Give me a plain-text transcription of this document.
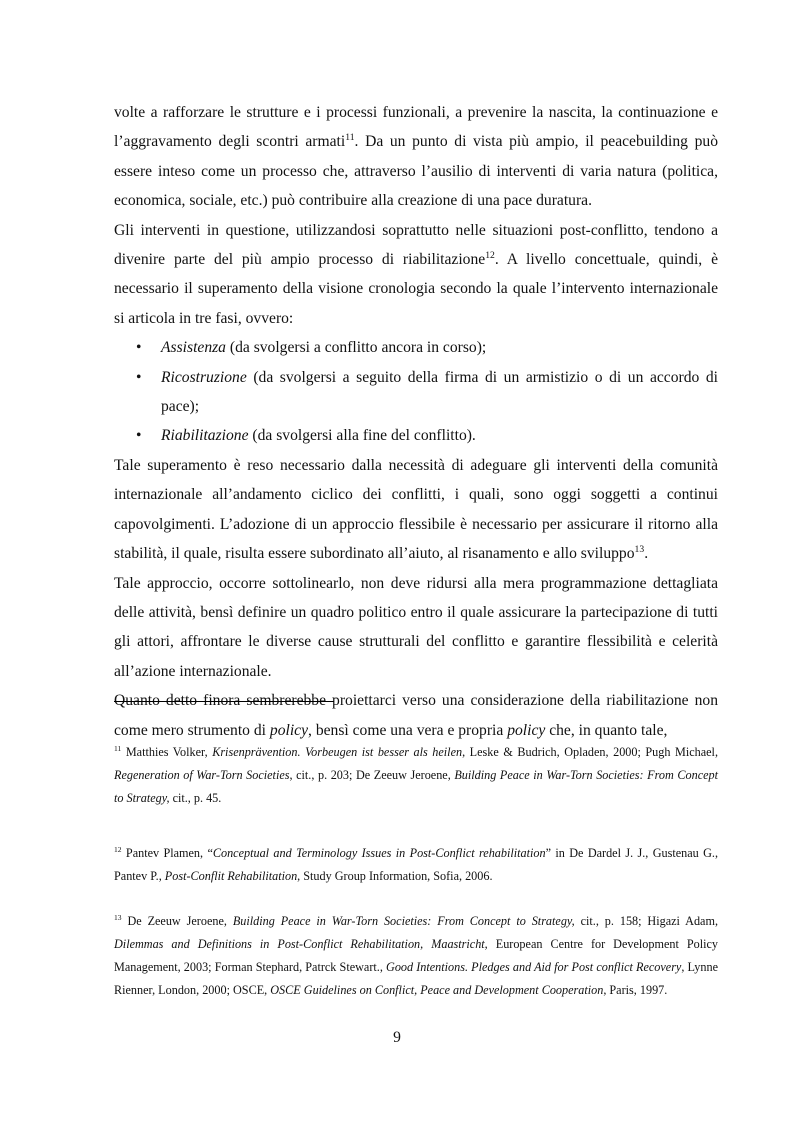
volte a rafforzare le strutture e i processi funzionali, a prevenire la nascita, la continuazione e l’aggravamento degli scontri armati$^{11}$. Da un punto di vista più ampio, il peacebuilding può essere inteso come un processo che, attraverso l’ausilio di interventi di varia natura (politica, economica, sociale, etc.) può contribuire alla creazione di una pace duratura.

Gli interventi in questione, utilizzandosi soprattutto nelle situazioni post-conflitto, tendono a divenire parte del più ampio processo di riabilitazione$^{12}$. A livello concettuale, quindi, è necessario il superamento della visione cronologia secondo la quale l’intervento internazionale si articola in tre fasi, ovvero:

• Assistenza (da svolgersi a conflitto ancora in corso);
• Ricostruzione (da svolgersi a seguito della firma di un armistizio o di un accordo di pace);
• Riabilitazione (da svolgersi alla fine del conflitto).

Tale superamento è reso necessario dalla necessità di adeguare gli interventi della comunità internazionale all’andamento ciclico dei conflitti, i quali, sono oggi soggetti a continui capovolgimenti. L’adozione di un approccio flessibile è necessario per assicurare il ritorno alla stabilità, il quale, risulta essere subordinato all’aiuto, al risanamento e allo sviluppo$^{13}$.

Tale approccio, occorre sottolinearlo, non deve ridursi alla mera programmazione dettagliata delle attività, bensì definire un quadro politico entro il quale assicurare la partecipazione di tutti gli attori, affrontare le diverse cause strutturali del conflitto e garantire flessibilità e celerità all’azione internazionale.

Quanto detto finora sembrerebbe proiettarci verso una considerazione della riabilitazione non come mero strumento di policy, bensì come una vera e propria policy che, in quanto tale,

$^{11}$ Matthies Volker, Krisenprävention. Vorbeugen ist besser als heilen, Leske & Budrich, Opladen, 2000; Pugh Michael, Regeneration of War-Torn Societies, cit., p. 203; De Zeeuw Jeroene, Building Peace in War-Torn Societies: From Concept to Strategy, cit., p. 45.
$^{12}$ Pantev Plamen, “Conceptual and Terminology Issues in Post-Conflict rehabilitation” in De Dardel J. J., Gustenau G., Pantev P., Post-Conflit Rehabilitation, Study Group Information, Sofia, 2006.
$^{13}$ De Zeeuw Jeroene, Building Peace in War-Torn Societies: From Concept to Strategy, cit., p. 158; Higazi Adam, Dilemmas and Definitions in Post-Conflict Rehabilitation, Maastricht, European Centre for Development Policy Management, 2003; Forman Stephard, Patrck Stewart., Good Intentions. Pledges and Aid for Post conflict Recovery, Lynne Rienner, London, 2000; OSCE, OSCE Guidelines on Conflict, Peace and Development Cooperation, Paris, 1997.
9
